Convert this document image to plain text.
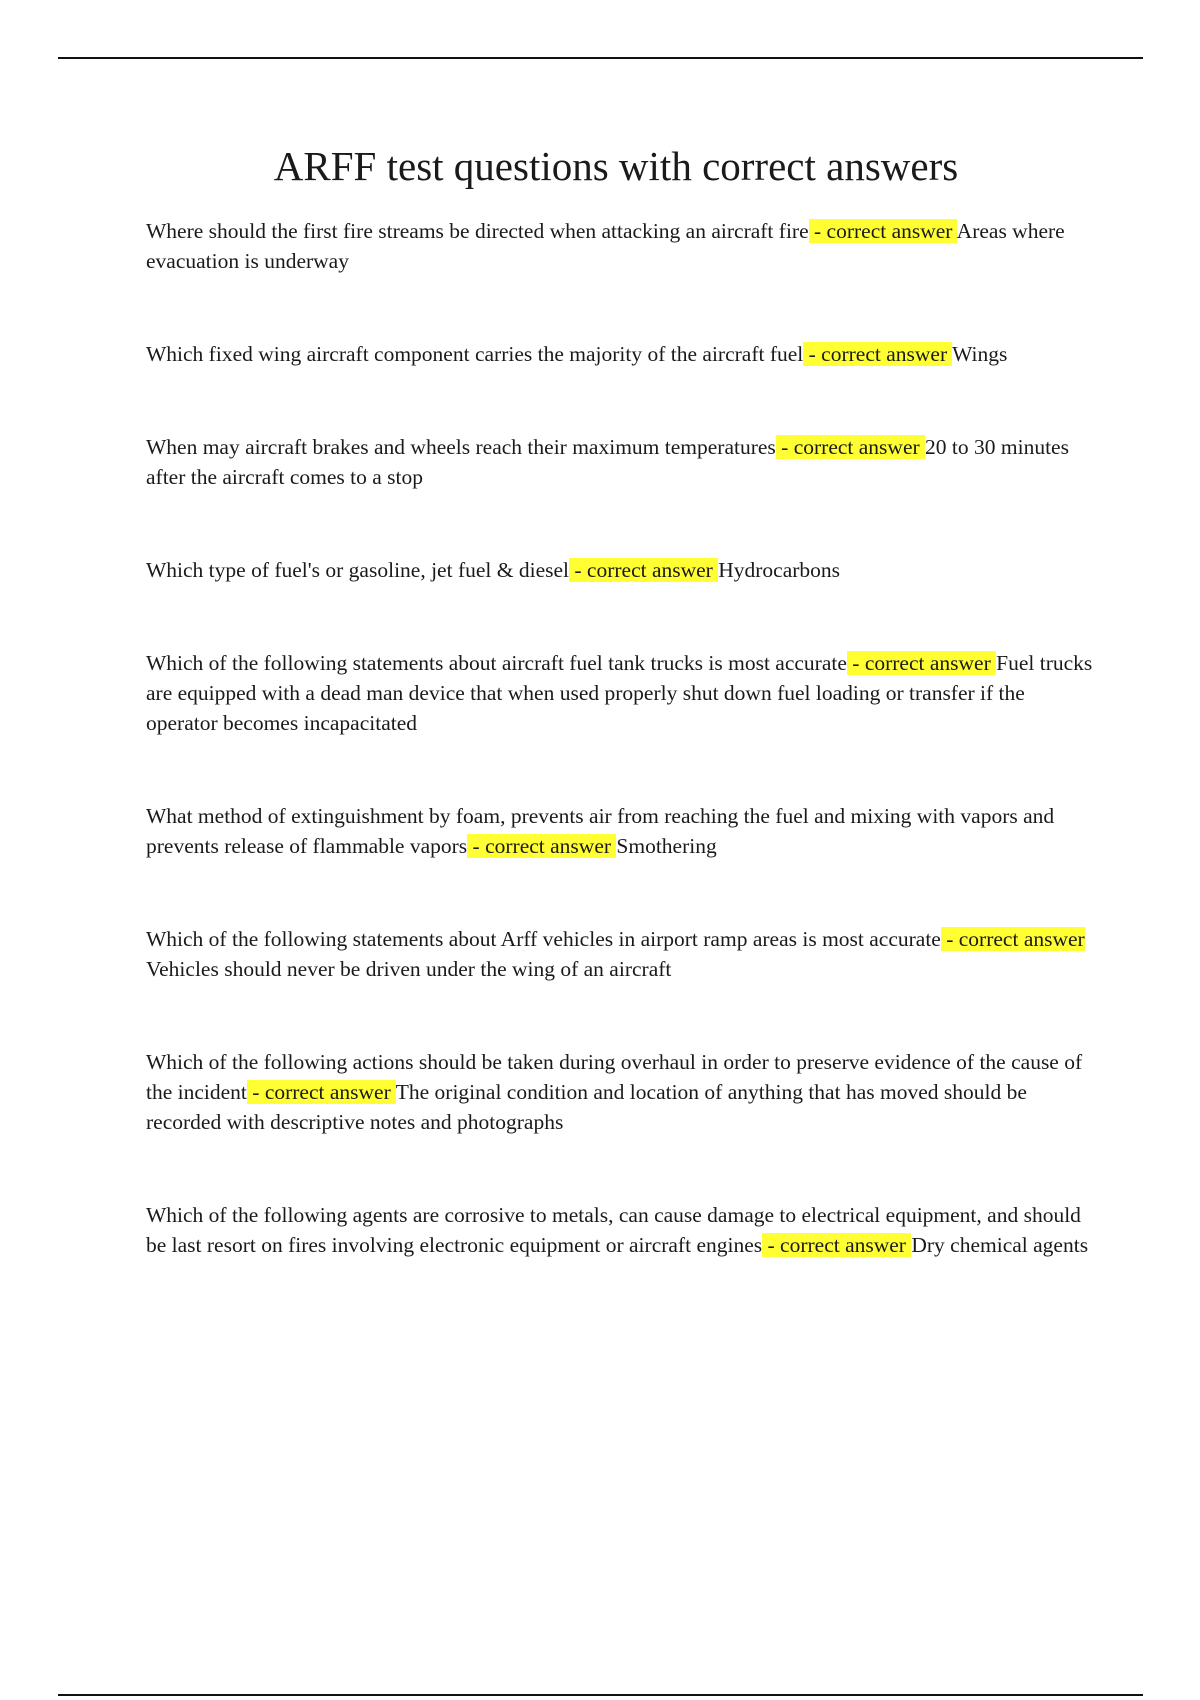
ARFF test questions with correct answers

Where should the first fire streams be directed when attacking an aircraft fire - correct answer Areas where evacuation is underway

Which fixed wing aircraft component carries the majority of the aircraft fuel - correct answer Wings

When may aircraft brakes and wheels reach their maximum temperatures - correct answer 20 to 30 minutes after the aircraft comes to a stop

Which type of fuel's or gasoline, jet fuel & diesel - correct answer Hydrocarbons

Which of the following statements about aircraft fuel tank trucks is most accurate - correct answer Fuel trucks are equipped with a dead man device that when used properly shut down fuel loading or transfer if the operator becomes incapacitated

What method of extinguishment by foam, prevents air from reaching the fuel and mixing with vapors and prevents release of flammable vapors - correct answer Smothering

Which of the following statements about Arff vehicles in airport ramp areas is most accurate - correct answer Vehicles should never be driven under the wing of an aircraft

Which of the following actions should be taken during overhaul in order to preserve evidence of the cause of the incident - correct answer The original condition and location of anything that has moved should be recorded with descriptive notes and photographs

Which of the following agents are corrosive to metals, can cause damage to electrical equipment, and should be last resort on fires involving electronic equipment or aircraft engines - correct answer Dry chemical agents
